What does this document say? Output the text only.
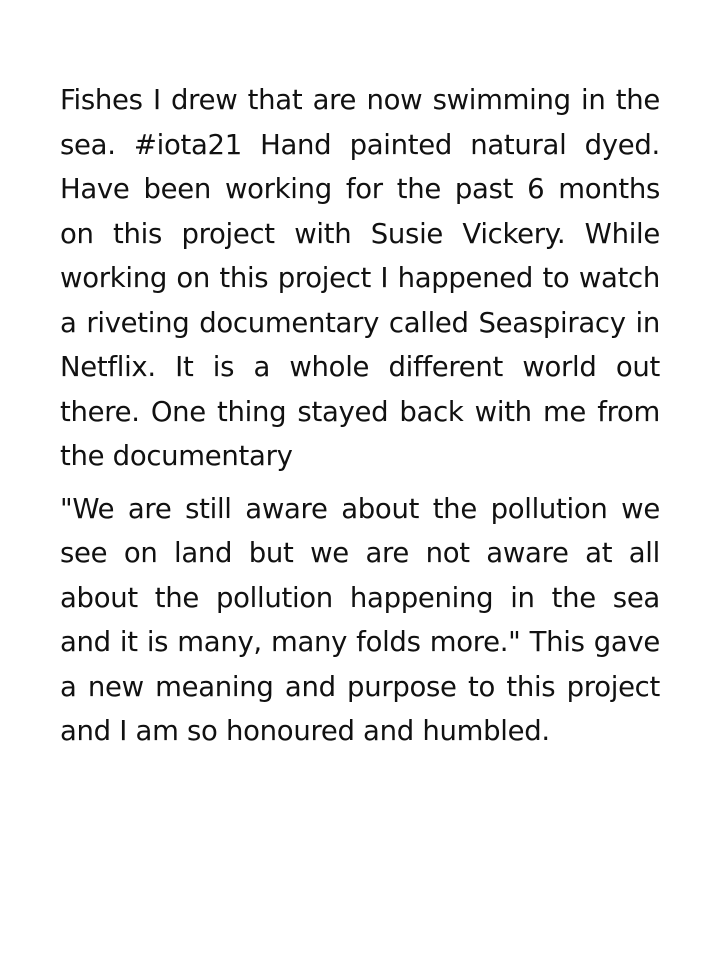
Fishes I drew that are now swimming in the sea. #iota21 Hand painted natural dyed. Have been working for the past 6 months on this project with Susie Vickery. While working on this project I happened to watch a riveting documentary called Seaspiracy in Netflix. It is a whole different world out there. One thing stayed back with me from the documentary

"We are still aware about the pollution we see on land but we are not aware at all about the pollution happening in the sea and it is many, many folds more." This gave a new meaning and purpose to this project and I am so honoured and humbled.
